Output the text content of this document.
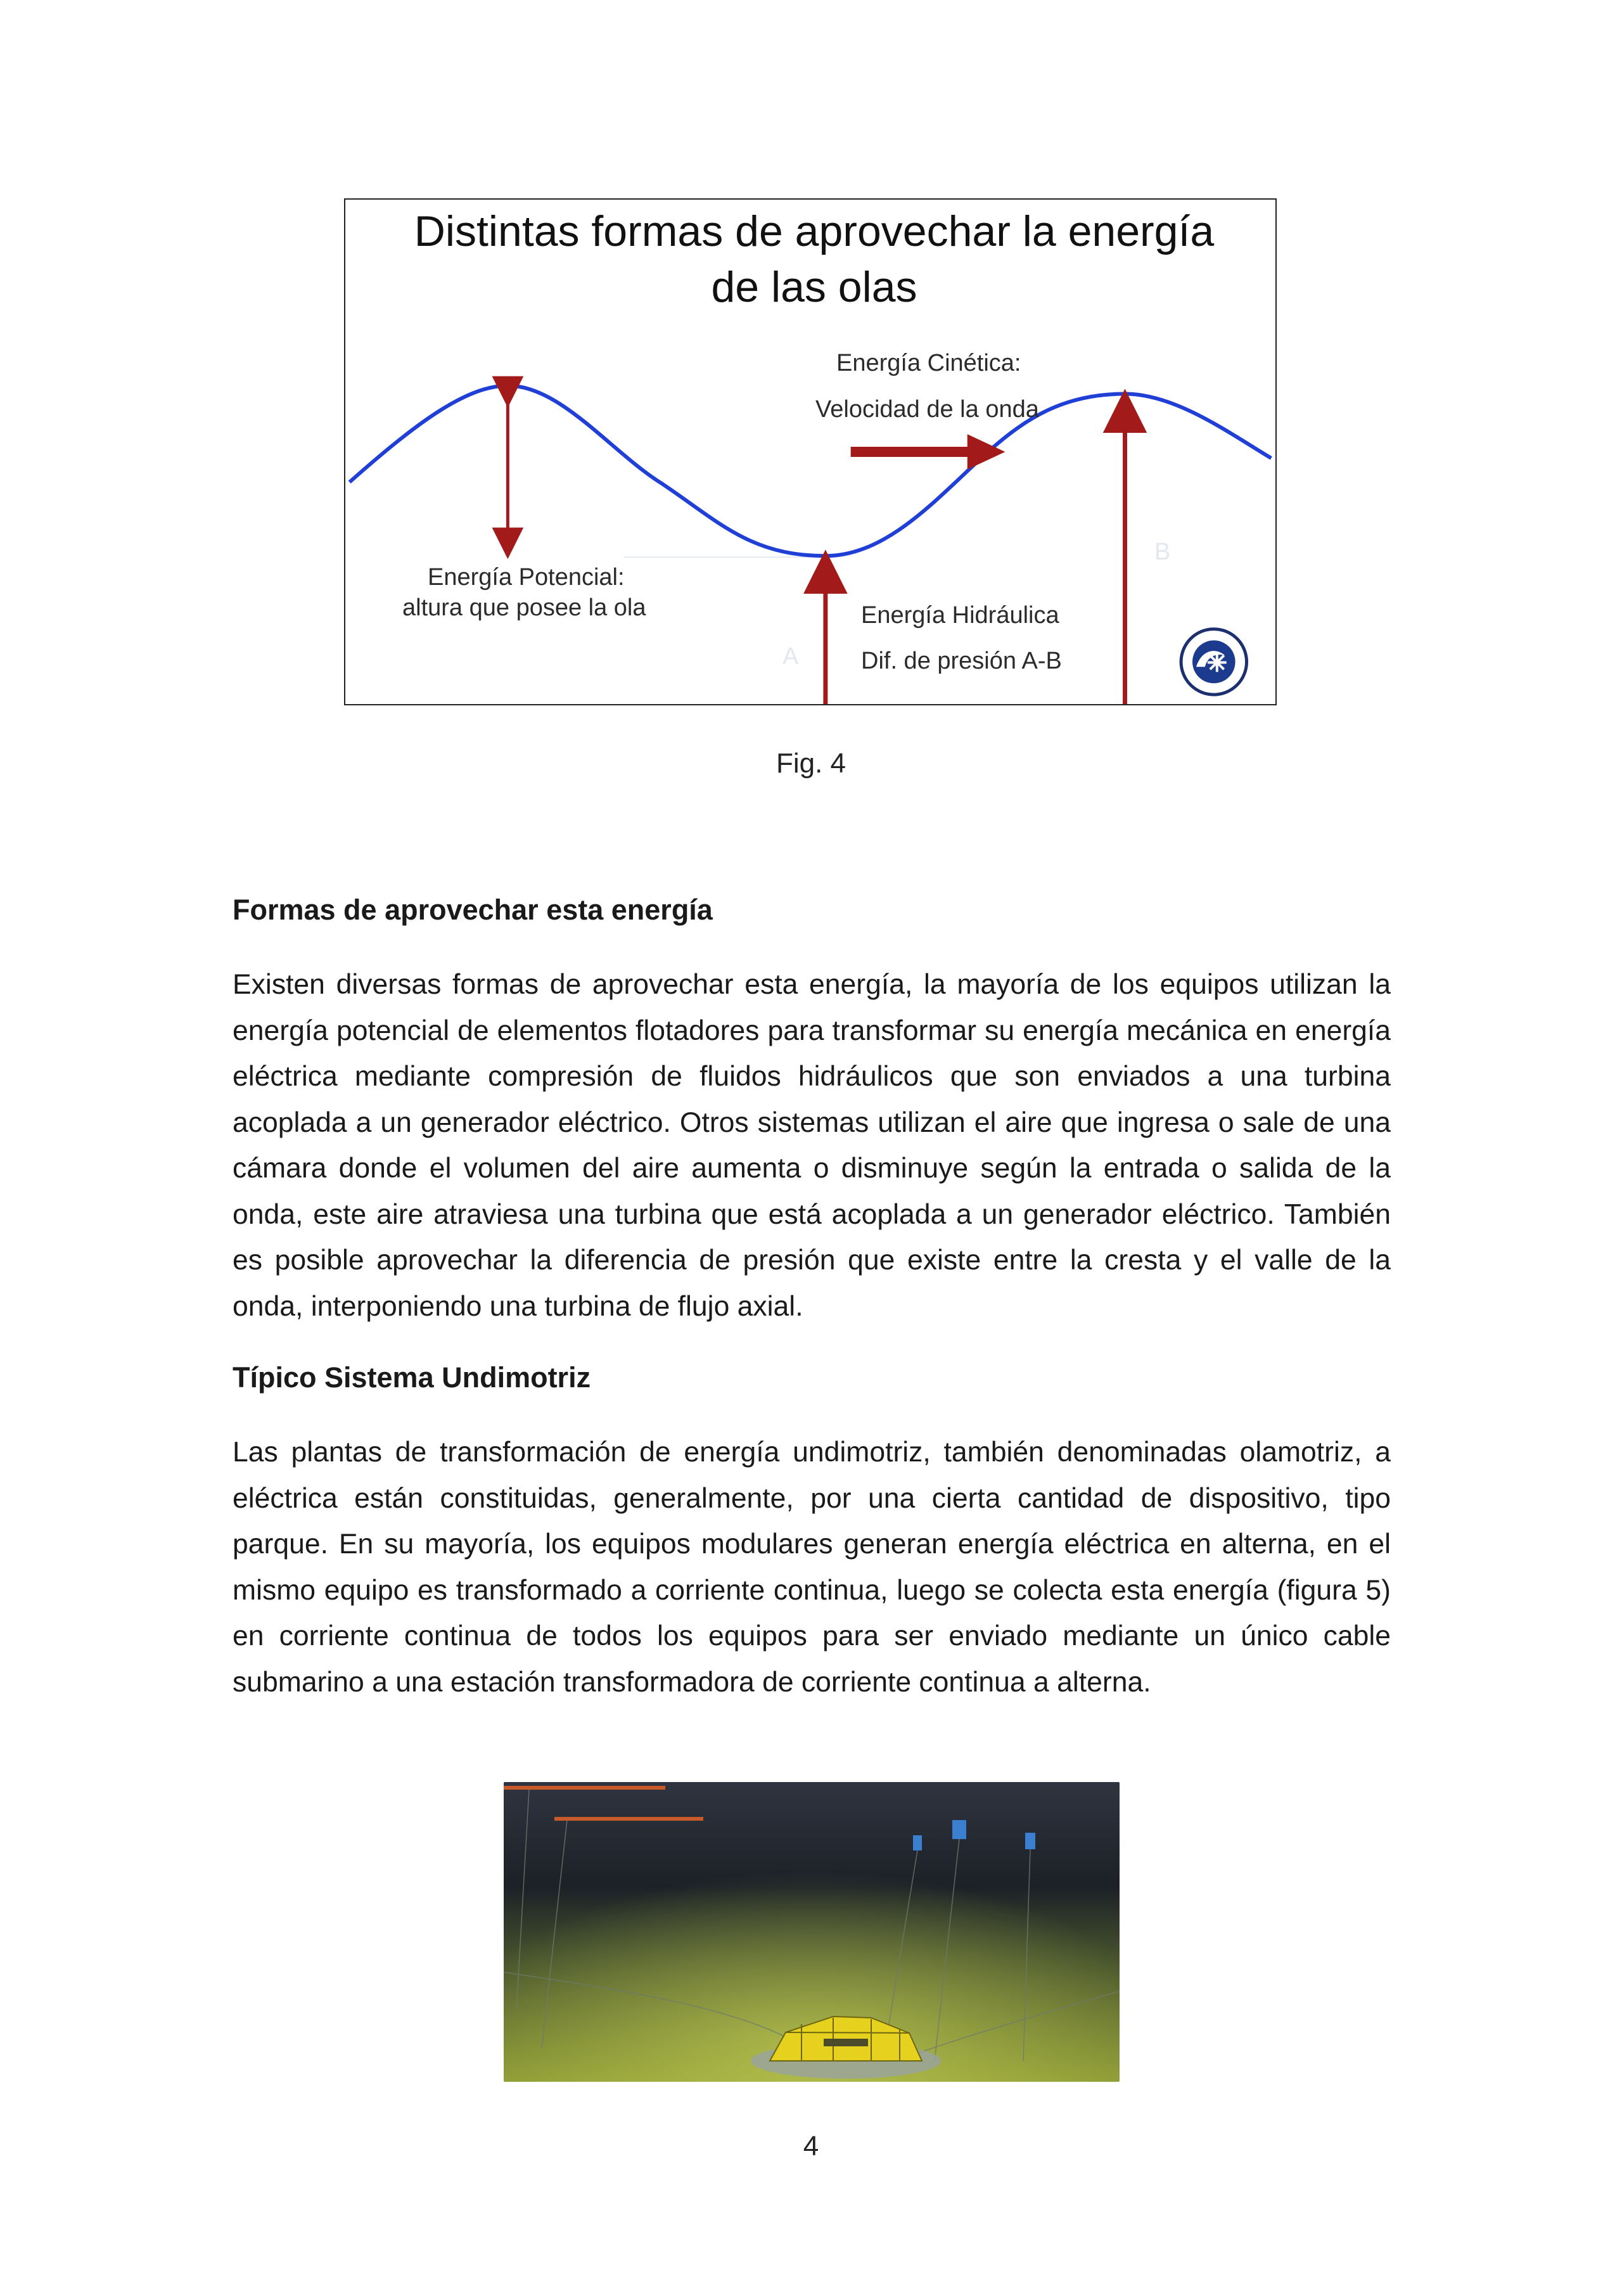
Distintas formas de aprovechar la energía
de las olas
Energía Cinética:
Velocidad de la onda
Energía Potencial:
altura que posee la ola	Energía Hidráulica
Dif. de presión A-B
A
B
Fig. 4
Formas de aprovechar esta energía
Existen diversas formas de aprovechar esta energía, la mayoría de los equipos utilizan la energía potencial de elementos flotadores para transformar su energía mecánica en energía eléctrica mediante compresión de fluidos hidráulicos que son enviados a una turbina acoplada a un generador eléctrico. Otros sistemas utilizan el aire que ingresa o sale de una cámara donde el volumen del aire aumenta o disminuye según la entrada o salida de la onda, este aire atraviesa una turbina que está acoplada a un generador eléctrico. También es posible aprovechar la diferencia de presión que existe entre la cresta y el valle de la onda, interponiendo una turbina de flujo axial.
Típico Sistema Undimotriz
Las plantas de transformación de energía undimotriz, también denominadas olamotriz, a eléctrica están constituidas, generalmente, por una cierta cantidad de dispositivo, tipo parque. En su mayoría, los equipos modulares generan energía eléctrica en alterna, en el mismo equipo es transformado a corriente continua, luego se colecta esta energía (figura 5) en corriente continua de todos los equipos para ser enviado mediante un único cable submarino a una estación transformadora de corriente continua a alterna.
4
